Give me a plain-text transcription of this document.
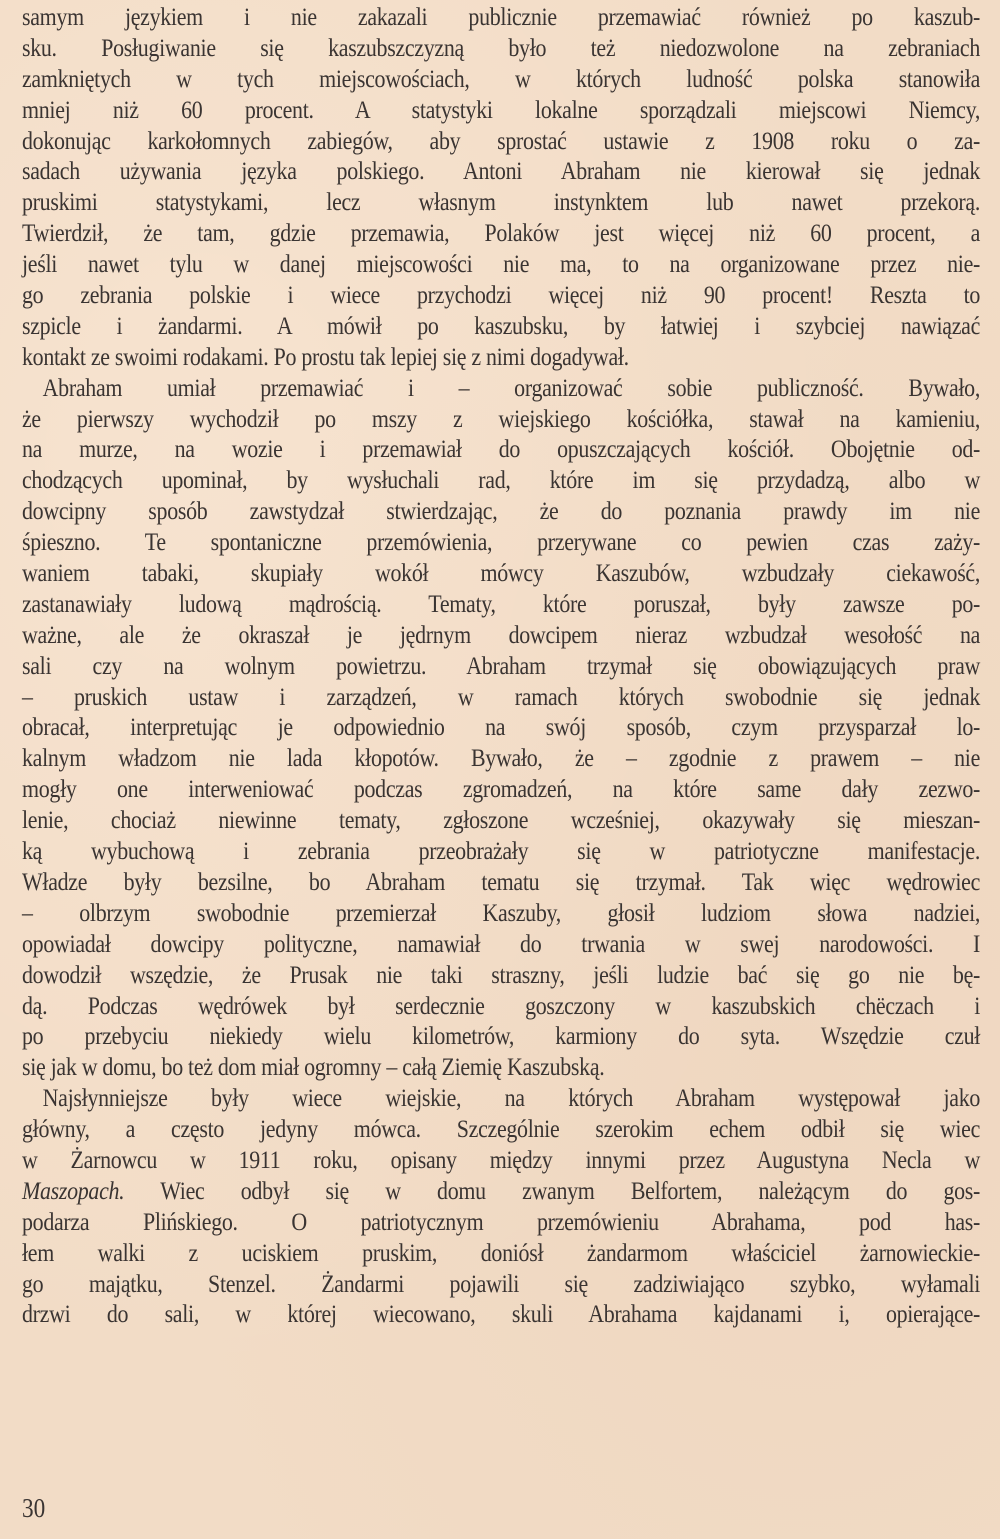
samym językiem i nie zakazali publicznie przemawiać również po kaszub-
sku. Posługiwanie się kaszubszczyzną było też niedozwolone na zebraniach
zamkniętych w tych miejscowościach, w których ludność polska stanowiła
mniej niż 60 procent. A statystyki lokalne sporządzali miejscowi Niemcy,
dokonując karkołomnych zabiegów, aby sprostać ustawie z 1908 roku o za-
sadach używania języka polskiego. Antoni Abraham nie kierował się jednak
pruskimi statystykami, lecz własnym instynktem lub nawet przekorą.
Twierdził, że tam, gdzie przemawia, Polaków jest więcej niż 60 procent, a
jeśli nawet tylu w danej miejscowości nie ma, to na organizowane przez nie-
go zebrania polskie i wiece przychodzi więcej niż 90 procent! Reszta to
szpicle i żandarmi. A mówił po kaszubsku, by łatwiej i szybciej nawiązać
kontakt ze swoimi rodakami. Po prostu tak lepiej się z nimi dogadywał.
Abraham umiał przemawiać i – organizować sobie publiczność. Bywało,
że pierwszy wychodził po mszy z wiejskiego kościółka, stawał na kamieniu,
na murze, na wozie i przemawiał do opuszczających kościół. Obojętnie od-
chodzących upominał, by wysłuchali rad, które im się przydadzą, albo w
dowcipny sposób zawstydzał stwierdzając, że do poznania prawdy im nie
śpieszno. Te spontaniczne przemówienia, przerywane co pewien czas zaży-
waniem tabaki, skupiały wokół mówcy Kaszubów, wzbudzały ciekawość,
zastanawiały ludową mądrością. Tematy, które poruszał, były zawsze po-
ważne, ale że okraszał je jędrnym dowcipem nieraz wzbudzał wesołość na
sali czy na wolnym powietrzu. Abraham trzymał się obowiązujących praw
– pruskich ustaw i zarządzeń, w ramach których swobodnie się jednak
obracał, interpretując je odpowiednio na swój sposób, czym przysparzał lo-
kalnym władzom nie lada kłopotów. Bywało, że – zgodnie z prawem – nie
mogły one interweniować podczas zgromadzeń, na które same dały zezwo-
lenie, chociaż niewinne tematy, zgłoszone wcześniej, okazywały się mieszan-
ką wybuchową i zebrania przeobrażały się w patriotyczne manifestacje.
Władze były bezsilne, bo Abraham tematu się trzymał. Tak więc wędrowiec
– olbrzym swobodnie przemierzał Kaszuby, głosił ludziom słowa nadziei,
opowiadał dowcipy polityczne, namawiał do trwania w swej narodowości. I
dowodził wszędzie, że Prusak nie taki straszny, jeśli ludzie bać się go nie bę-
dą. Podczas wędrówek był serdecznie goszczony w kaszubskich chëczach i
po przebyciu niekiedy wielu kilometrów, karmiony do syta. Wszędzie czuł
się jak w domu, bo też dom miał ogromny – całą Ziemię Kaszubską.
Najsłynniejsze były wiece wiejskie, na których Abraham występował jako
główny, a często jedyny mówca. Szczególnie szerokim echem odbił się wiec
w Żarnowcu w 1911 roku, opisany między innymi przez Augustyna Necla w
Maszopach. Wiec odbył się w domu zwanym Belfortem, należącym do gos-
podarza Plińskiego. O patriotycznym przemówieniu Abrahama, pod has-
łem walki z uciskiem pruskim, doniósł żandarmom właściciel żarnowieckie-
go majątku, Stenzel. Żandarmi pojawili się zadziwiająco szybko, wyłamali
drzwi do sali, w której wiecowano, skuli Abrahama kajdanami i, opierające-
30
